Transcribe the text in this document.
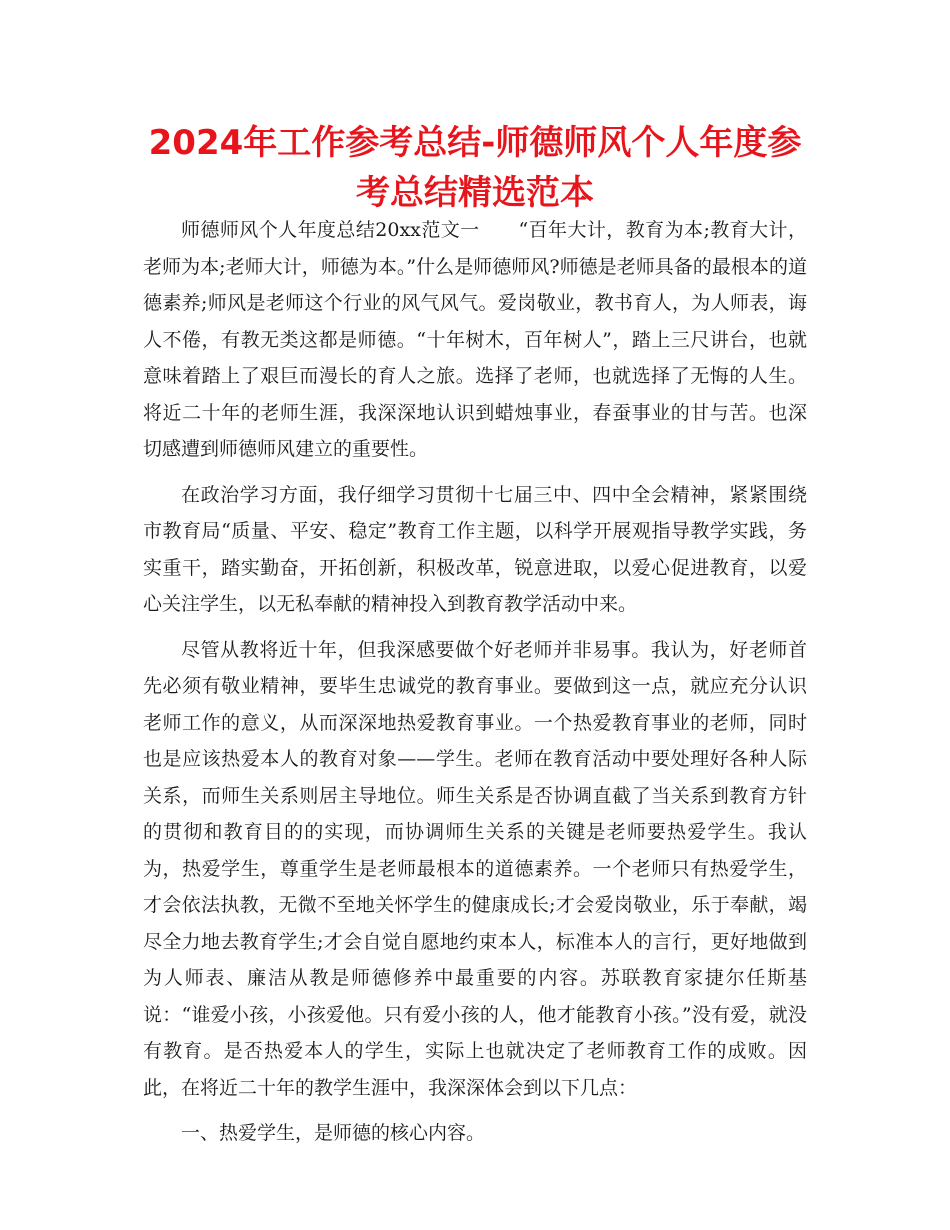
2024年工作参考总结-师德师风个人年度参考总结精选范本

师德师风个人年度总结20xx范文一　　“百年大计，教育为本;教育大计，老师为本;老师大计，师德为本。”什么是师德师风?师德是老师具备的最根本的道德素养;师风是老师这个行业的风气风气。爱岗敬业，教书育人，为人师表，诲人不倦，有教无类这都是师德。“十年树木，百年树人”，踏上三尺讲台，也就意味着踏上了艰巨而漫长的育人之旅。选择了老师，也就选择了无悔的人生。将近二十年的老师生涯，我深深地认识到蜡烛事业，春蚕事业的甘与苦。也深切感遭到师德师风建立的重要性。

在政治学习方面，我仔细学习贯彻十七届三中、四中全会精神，紧紧围绕市教育局“质量、平安、稳定”教育工作主题，以科学开展观指导教学实践，务实重干，踏实勤奋，开拓创新，积极改革，锐意进取，以爱心促进教育，以爱心关注学生，以无私奉献的精神投入到教育教学活动中来。

尽管从教将近十年，但我深感要做个好老师并非易事。我认为，好老师首先必须有敬业精神，要毕生忠诚党的教育事业。要做到这一点，就应充分认识老师工作的意义，从而深深地热爱教育事业。一个热爱教育事业的老师，同时也是应该热爱本人的教育对象——学生。老师在教育活动中要处理好各种人际关系，而师生关系则居主导地位。师生关系是否协调直截了当关系到教育方针的贯彻和教育目的的实现，而协调师生关系的关键是老师要热爱学生。我认为，热爱学生，尊重学生是老师最根本的道德素养。一个老师只有热爱学生，才会依法执教，无微不至地关怀学生的健康成长;才会爱岗敬业，乐于奉献，竭尽全力地去教育学生;才会自觉自愿地约束本人，标准本人的言行，更好地做到为人师表、廉洁从教是师德修养中最重要的内容。苏联教育家捷尔任斯基说：“谁爱小孩，小孩爱他。只有爱小孩的人，他才能教育小孩。”没有爱，就没有教育。是否热爱本人的学生，实际上也就决定了老师教育工作的成败。因此，在将近二十年的教学生涯中，我深深体会到以下几点：

一、热爱学生，是师德的核心内容。
